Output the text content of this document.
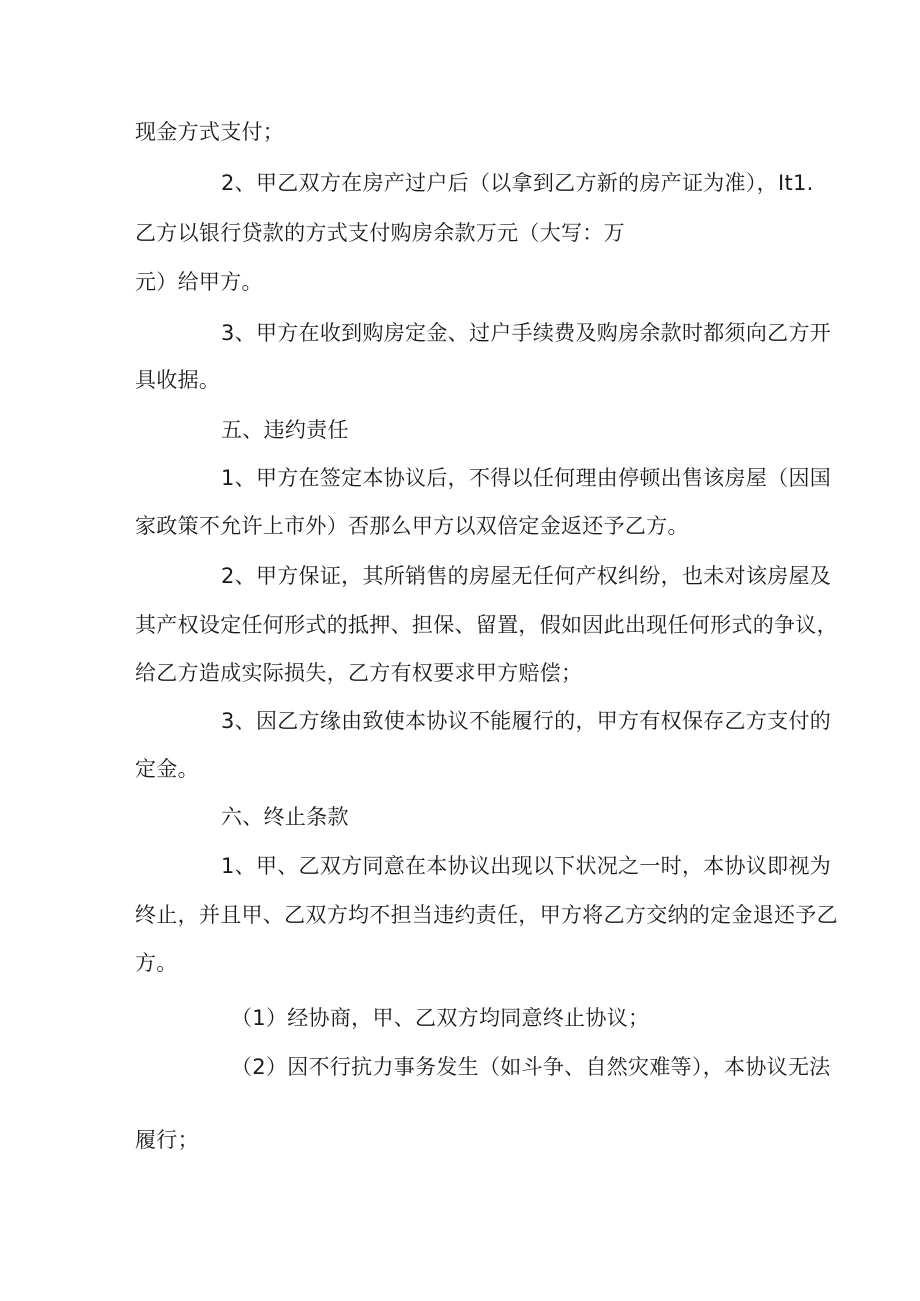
现金方式支付；
2、甲乙双方在房产过户后（以拿到乙方新的房产证为准），It1.
乙方以银行贷款的方式支付购房余款万元（大写：万
元）给甲方。
3、甲方在收到购房定金、过户手续费及购房余款时都须向乙方开
具收据。
五、违约责任
1、甲方在签定本协议后，不得以任何理由停顿出售该房屋（因国
家政策不允许上市外）否那么甲方以双倍定金返还予乙方。
2、甲方保证，其所销售的房屋无任何产权纠纷，也未对该房屋及
其产权设定任何形式的抵押、担保、留置，假如因此出现任何形式的争议，
给乙方造成实际损失，乙方有权要求甲方赔偿；
3、因乙方缘由致使本协议不能履行的，甲方有权保存乙方支付的
定金。
六、终止条款
1、甲、乙双方同意在本协议出现以下状况之一时，本协议即视为
终止，并且甲、乙双方均不担当违约责任，甲方将乙方交纳的定金退还予乙
方。
（1）经协商，甲、乙双方均同意终止协议；
（2）因不行抗力事务发生（如斗争、自然灾难等），本协议无法
履行；
